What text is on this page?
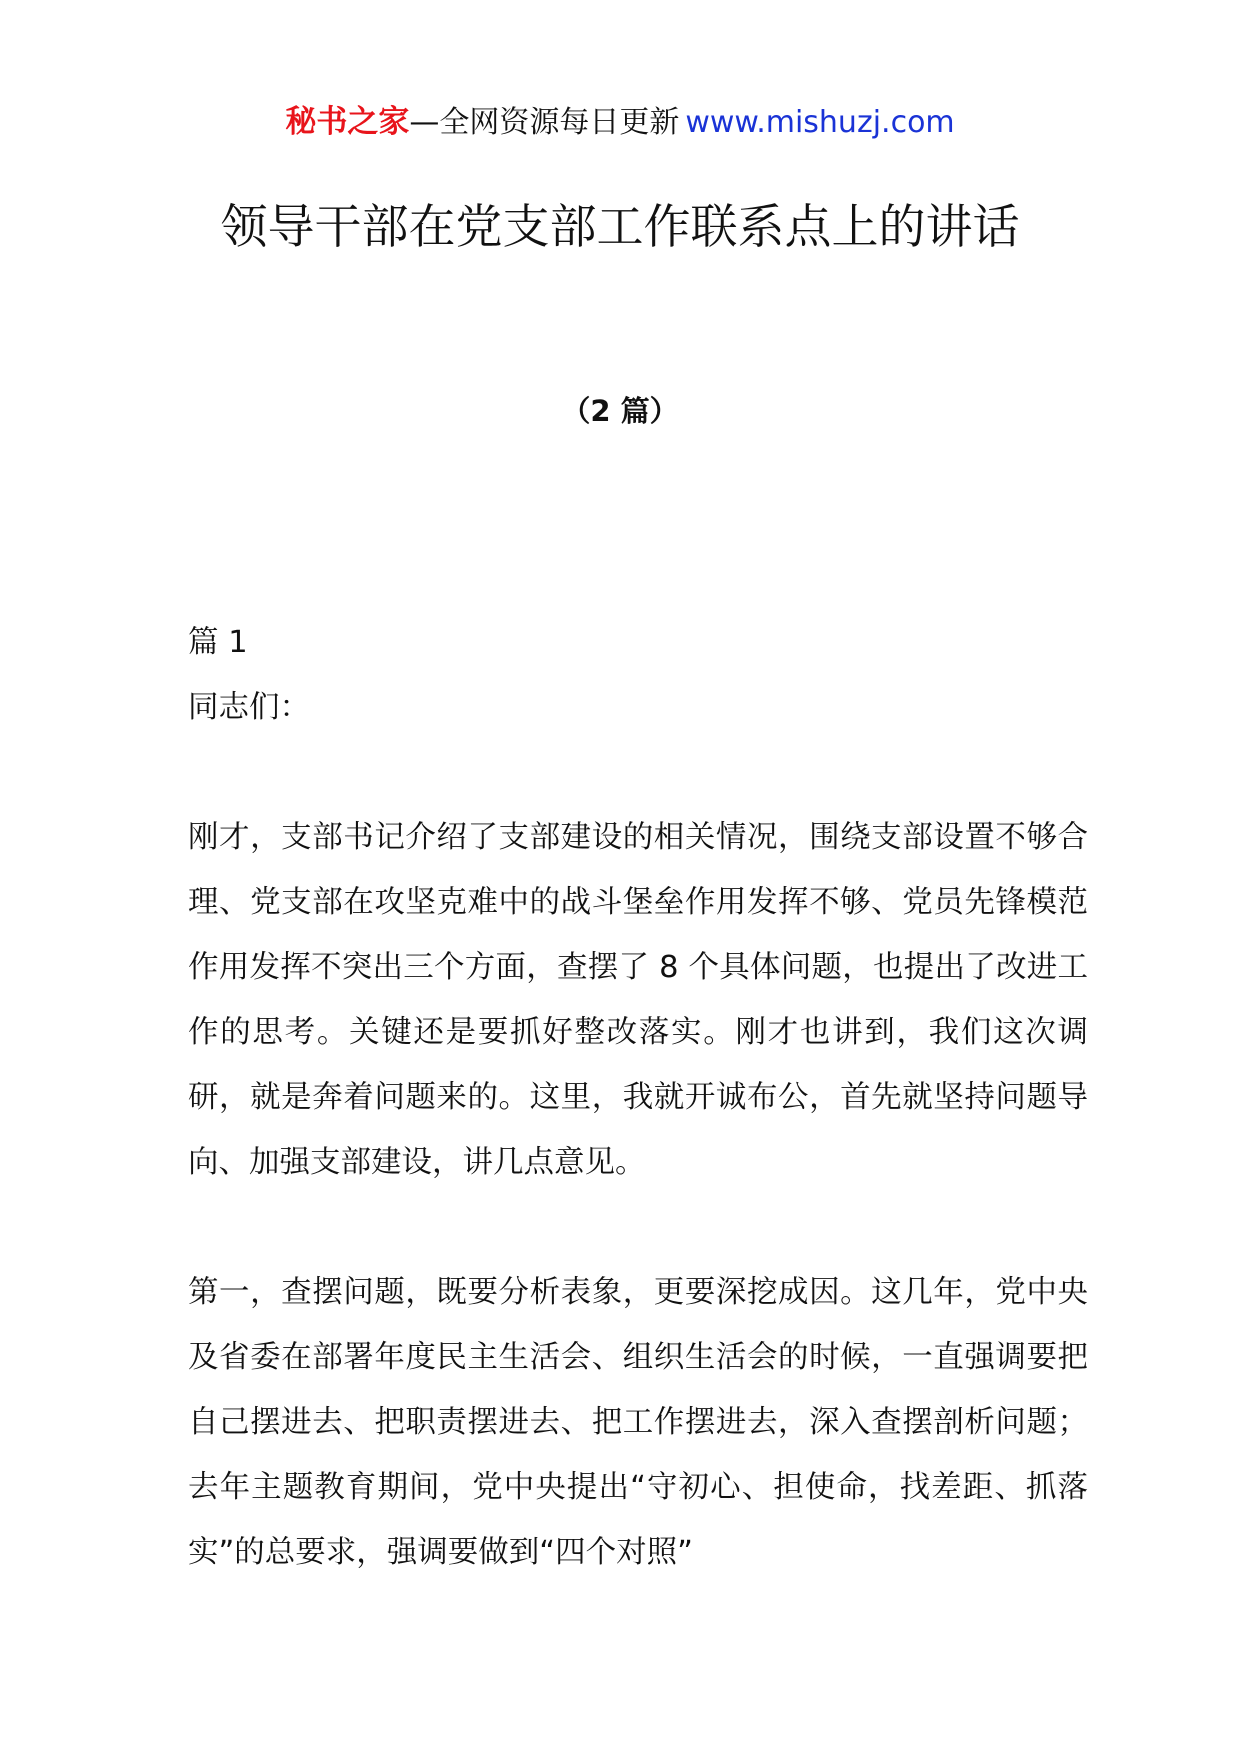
秘书之家—全网资源每日更新 www.mishuzj.com
领导干部在党支部工作联系点上的讲话
（2 篇）

篇 1

同志们：

刚才，支部书记介绍了支部建设的相关情况，围绕支部设置不够合理、党支部在攻坚克难中的战斗堡垒作用发挥不够、党员先锋模范作用发挥不突出三个方面，查摆了 8 个具体问题，也提出了改进工作的思考。关键还是要抓好整改落实。刚才也讲到，我们这次调研，就是奔着问题来的。这里，我就开诚布公，首先就坚持问题导向、加强支部建设，讲几点意见。

第一，查摆问题，既要分析表象，更要深挖成因。这几年，党中央及省委在部署年度民主生活会、组织生活会的时候，一直强调要把自己摆进去、把职责摆进去、把工作摆进去，深入查摆剖析问题；去年主题教育期间，党中央提出“守初心、担使命，找差距、抓落实”的总要求，强调要做到“四个对照”
